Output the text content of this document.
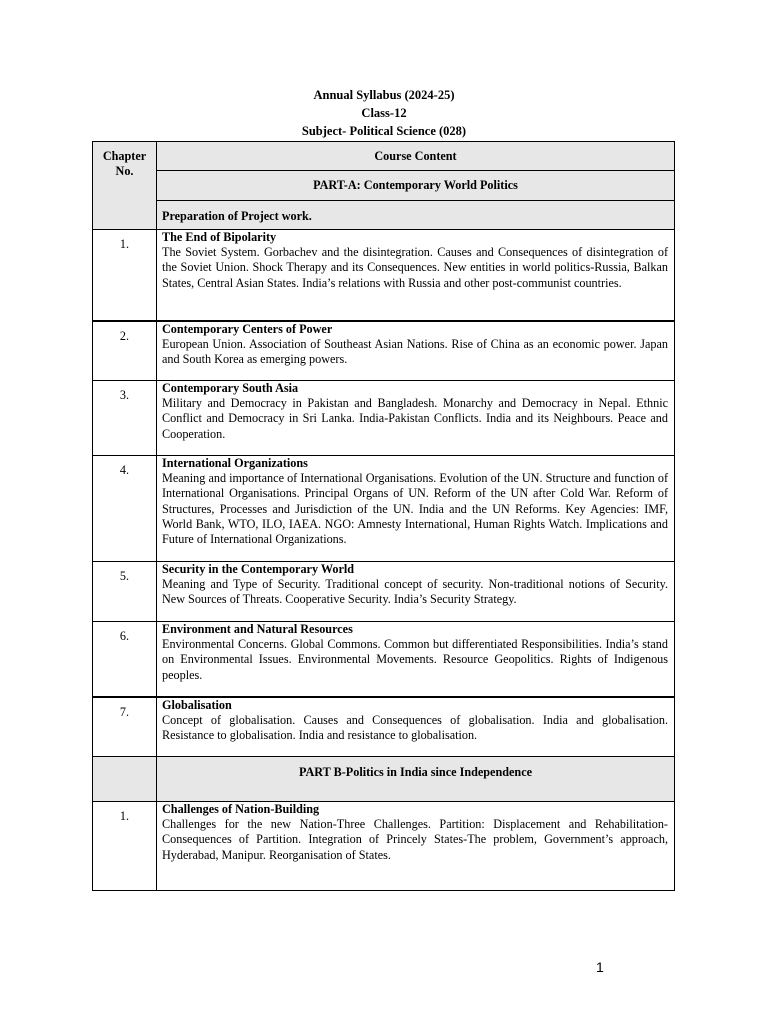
Annual Syllabus (2024-25)
Class-12
Subject- Political Science (028)
Chapter No.	Course Content
	PART-A: Contemporary World Politics
	Preparation of Project work.
1.	The End of Bipolarity
The Soviet System. Gorbachev and the disintegration. Causes and Consequences of disintegration of the Soviet Union. Shock Therapy and its Consequences. New entities in world politics-Russia, Balkan States, Central Asian States. India’s relations with Russia and other post-communist countries.

2.	Contemporary Centers of Power
European Union. Association of Southeast Asian Nations. Rise of China as an economic power. Japan and South Korea as emerging powers.

3.	Contemporary South Asia
Military and Democracy in Pakistan and Bangladesh. Monarchy and Democracy in Nepal. Ethnic Conflict and Democracy in Sri Lanka. India-Pakistan Conflicts. India and its Neighbours. Peace and Cooperation.

4.	International Organizations
Meaning and importance of International Organisations. Evolution of the UN. Structure and function of International Organisations. Principal Organs of UN. Reform of the UN after Cold War. Reform of Structures, Processes and Jurisdiction of the UN. India and the UN Reforms. Key Agencies: IMF, World Bank, WTO, ILO, IAEA. NGO: Amnesty International, Human Rights Watch. Implications and Future of International Organizations.

5.	Security in the Contemporary World
Meaning and Type of Security. Traditional concept of security. Non-traditional notions of Security. New Sources of Threats. Cooperative Security. India’s Security Strategy.

6.	Environment and Natural Resources
Environmental Concerns. Global Commons. Common but differentiated Responsibilities. India’s stand on Environmental Issues. Environmental Movements. Resource Geopolitics. Rights of Indigenous peoples.

7.	Globalisation
Concept of globalisation. Causes and Consequences of globalisation. India and globalisation. Resistance to globalisation. India and resistance to globalisation.

	PART B-Politics in India since Independence
1.	Challenges of Nation-Building
Challenges for the new Nation-Three Challenges. Partition: Displacement and Rehabilitation-Consequences of Partition. Integration of Princely States-The problem, Government’s approach, Hyderabad, Manipur. Reorganisation of States.
1
